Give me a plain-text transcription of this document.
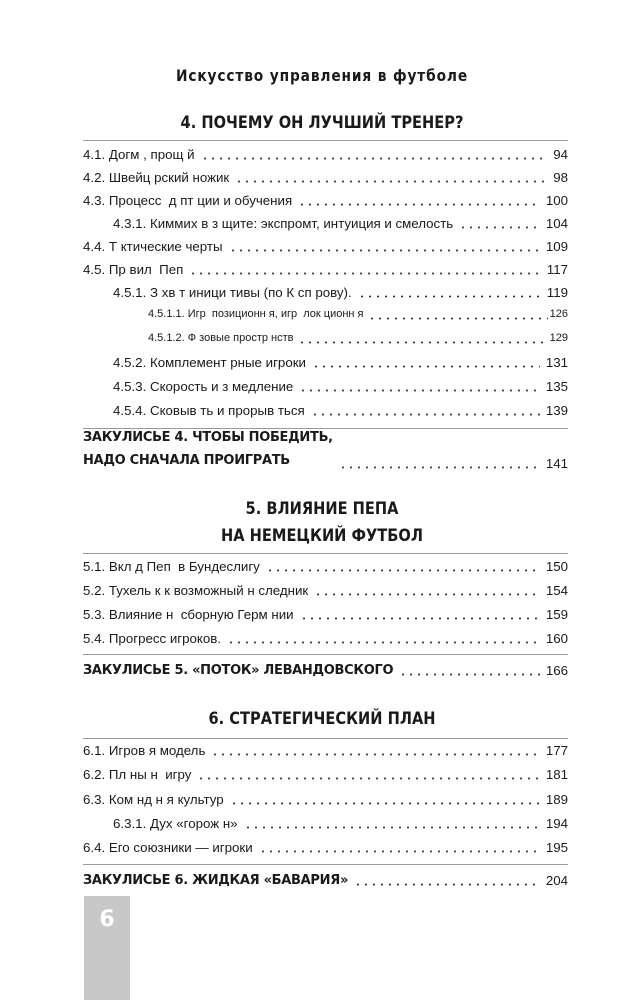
Искусство управления в футболе
4. ПОЧЕМУ ОН ЛУЧШИЙ ТРЕНЕР?
4.1. Догм , прощ й	94
4.2. Швейц рский ножик	98
4.3. Процесс  д пт ции и обучения	100
4.3.1. Киммих в з щите: экспромт, интуиция и смелость	104
4.4. Т ктические черты	109
4.5. Пр вил  Пеп	117
4.5.1. З хв т иници тивы (по К сп рову).	119
4.5.1.1. Игр  позиционн я, игр  лок ционн я	126
4.5.1.2. Ф зовые простр нств	129
4.5.2. Комплемент рные игроки	131
4.5.3. Скорость и з медление	135
4.5.4. Сковыв ть и прорыв ться	139
ЗАКУЛИСЬЕ 4. ЧТОБЫ ПОБЕДИТЬ,
НАДО СНАЧАЛА ПРОИГРАТЬ	141
5. ВЛИЯНИЕ ПЕПА
НА НЕМЕЦКИЙ ФУТБОЛ
5.1. Вкл д Пеп  в Бундеслигу	150
5.2. Тухель к к возможный н следник	154
5.3. Влияние н  сборную Герм нии	159
5.4. Прогресс игроков.	160
ЗАКУЛИСЬЕ 5. «ПОТОК» ЛЕВАНДОВСКОГО	166
6. СТРАТЕГИЧЕСКИЙ ПЛАН
6.1. Игров я модель	177
6.2. Пл ны н  игру	181
6.3. Ком нд н я культур	189
6.3.1. Дух «горож н»	194
6.4. Его союзники — игроки	195
ЗАКУЛИСЬЕ 6. ЖИДКАЯ «БАВАРИЯ»	204
6
